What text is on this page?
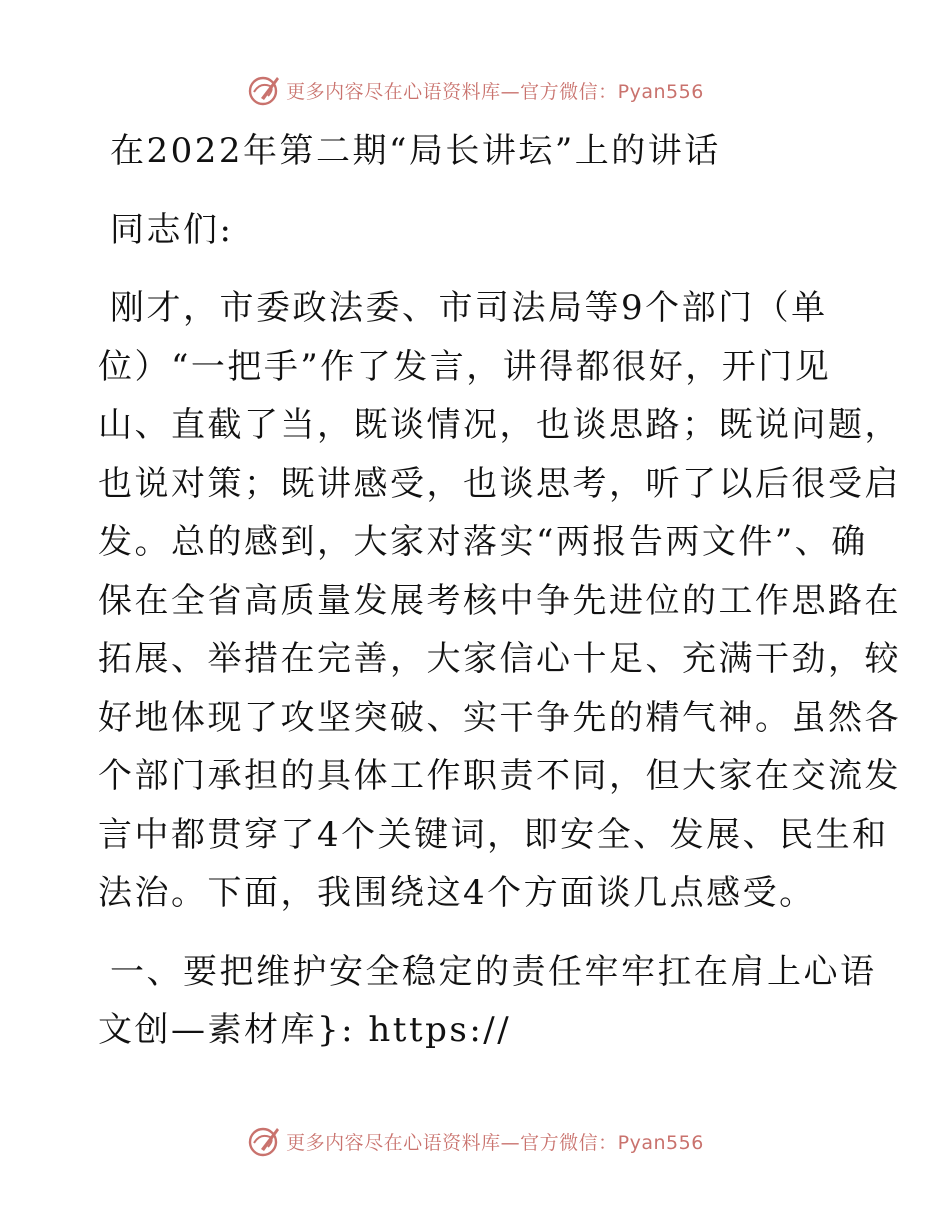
更多内容尽在心语资料库—官方微信：Pyan556
在2022年第二期“局长讲坛”上的讲话
同志们:
刚才，市委政法委、市司法局等9个部门（单
位）“一把手”作了发言，讲得都很好，开门见
山、直截了当，既谈情况，也谈思路；既说问题，
也说对策；既讲感受，也谈思考，听了以后很受启
发。总的感到，大家对落实“两报告两文件”、确
保在全省高质量发展考核中争先进位的工作思路在
拓展、举措在完善，大家信心十足、充满干劲，较
好地体现了攻坚突破、实干争先的精气神。虽然各
个部门承担的具体工作职责不同，但大家在交流发
言中都贯穿了4个关键词，即安全、发展、民生和
法治。下面，我围绕这4个方面谈几点感受。
一、要把维护安全稳定的责任牢牢扛在肩上心语
文创—素材库}: https://
更多内容尽在心语资料库—官方微信：Pyan556
